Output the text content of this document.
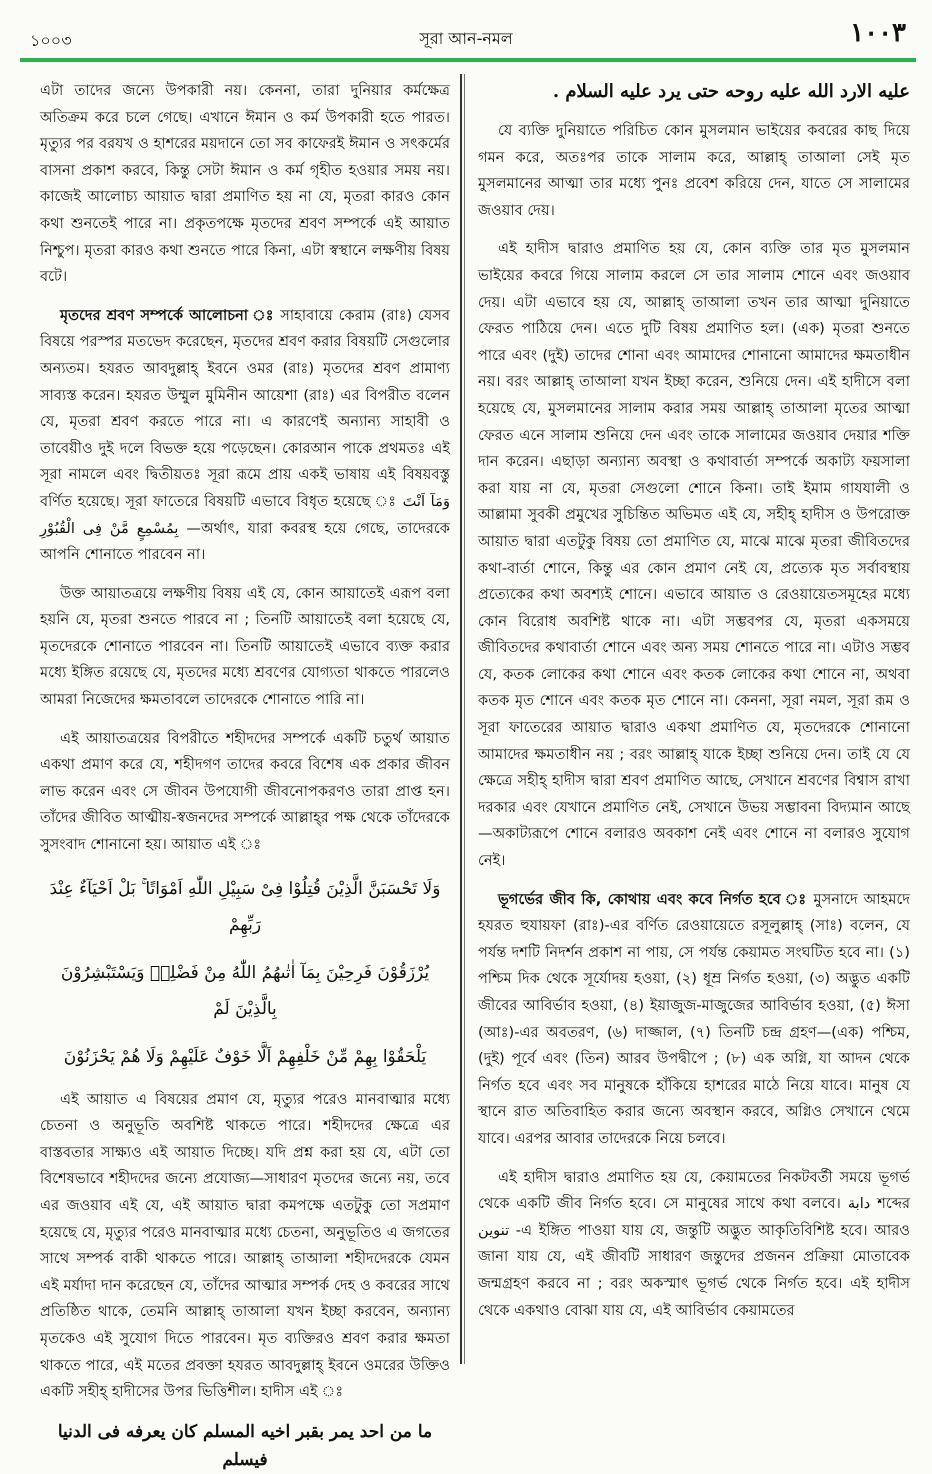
১০০৩	সূরা আন-নমল	١٠٠٣

এটা তাদের জন্যে উপকারী নয়। কেননা, তারা দুনিয়ার কর্মক্ষেত্র অতিক্রম করে চলে গেছে। এখানে ঈমান ও কর্ম উপকারী হতে পারত। মৃত্যুর পর বরযখ ও হাশরের ময়দানে তো সব কাফেরই ঈমান ও সৎকর্মের বাসনা প্রকাশ করবে, কিন্তু সেটা ঈমান ও কর্ম গৃহীত হওয়ার সময় নয়। কাজেই আলোচ্য আয়াত দ্বারা প্রমাণিত হয় না যে, মৃতরা কারও কোন কথা শুনতেই পারে না। প্রকৃতপক্ষে মৃতদের শ্রবণ সম্পর্কে এই আয়াত নিশ্চুপ। মৃতরা কারও কথা শুনতে পারে কিনা, এটা স্বস্থানে লক্ষণীয় বিষয় বটে।

মৃতদের শ্রবণ সম্পর্কে আলোচনা ঃ সাহাবায়ে কেরাম (রাঃ) যেসব বিষয়ে পরস্পর মতভেদ করেছেন, মৃতদের শ্রবণ করার বিষয়টি সেগুলোর অন্যতম। হযরত আবদুল্লাহ্ ইবনে ওমর (রাঃ) মৃতদের শ্রবণ প্রামাণ্য সাব্যস্ত করেন। হযরত উম্মুল মুমিনীন আয়েশা (রাঃ) এর বিপরীত বলেন যে, মৃতরা শ্রবণ করতে পারে না। এ কারণেই অন্যান্য সাহাবী ও তাবেয়ীও দুই দলে বিভক্ত হয়ে পড়েছেন। কোরআন পাকে প্রথমতঃ এই সূরা নামলে এবং দ্বিতীয়তঃ সূরা রূমে প্রায় একই ভাষায় এই বিষয়বস্তু বর্ণিত হয়েছে। সূরা ফাতেরে বিষয়টি এভাবে বিধৃত হয়েছে ঃ وَمَآ اَنْتَ بِمُسْمِعٍ مَّنْ فِى الْقُبُوْرِ —অর্থাৎ, যারা কবরস্থ হয়ে গেছে, তাদেরকে আপনি শোনাতে পারবেন না।

উক্ত আয়াতত্রয়ে লক্ষণীয় বিষয় এই যে, কোন আয়াতেই এরূপ বলা হয়নি যে, মৃতরা শুনতে পারবে না ; তিনটি আয়াতেই বলা হয়েছে যে, মৃতদেরকে শোনাতে পারবেন না। তিনটি আয়াতেই এভাবে ব্যক্ত করার মধ্যে ইঙ্গিত রয়েছে যে, মৃতদের মধ্যে শ্রবণের যোগ্যতা থাকতে পারলেও আমরা নিজেদের ক্ষমতাবলে তাদেরকে শোনাতে পারি না।

এই আয়াতত্রয়ের বিপরীতে শহীদদের সম্পর্কে একটি চতুর্থ আয়াত একথা প্রমাণ করে যে, শহীদগণ তাদের কবরে বিশেষ এক প্রকার জীবন লাভ করেন এবং সে জীবন উপযোগী জীবনোপকরণও তারা প্রাপ্ত হন। তাঁদের জীবিত আত্মীয়-স্বজনদের সম্পর্কে আল্লাহ্‌র পক্ষ থেকে তাঁদেরকে সুসংবাদ শোনানো হয়। আয়াত এই ঃ

وَلَا تَحْسَبَنَّ الَّذِيْنَ قُتِلُوْا فِىْ سَبِيْلِ اللّٰهِ اَمْوَاتًا ۚ بَلْ اَحْيَآءٌ عِنْدَ رَبِّهِمْ

يُرْزَقُوْنَ فَرِحِيْنَ بِمَآ اٰتٰىهُمُ اللّٰهُ مِنْ فَضْلِهٖ وَيَسْتَبْشِرُوْنَ بِالَّذِيْنَ لَمْ

يَلْحَقُوْا بِهِمْ مِّنْ خَلْفِهِمْ اَلَّا خَوْفٌ عَلَيْهِمْ وَلَا هُمْ يَحْزَنُوْنَ

এই আয়াত এ বিষয়ের প্রমাণ যে, মৃত্যুর পরেও মানবাত্মার মধ্যে চেতনা ও অনুভূতি অবশিষ্ট থাকতে পারে। শহীদদের ক্ষেত্রে এর বাস্তবতার সাক্ষ্যও এই আয়াত দিচ্ছে। যদি প্রশ্ন করা হয় যে, এটা তো বিশেষভাবে শহীদদের জন্যে প্রযোজ্য—সাধারণ মৃতদের জন্যে নয়, তবে এর জওয়াব এই যে, এই আয়াত দ্বারা কমপক্ষে এতটুকু তো সপ্রমাণ হয়েছে যে, মৃত্যুর পরেও মানবাত্মার মধ্যে চেতনা, অনুভূতিও এ জগতের সাথে সম্পর্ক বাকী থাকতে পারে। আল্লাহ্ তাআলা শহীদদেরকে যেমন এই মর্যাদা দান করেছেন যে, তাঁদের আত্মার সম্পর্ক দেহ ও কবরের সাথে প্রতিষ্ঠিত থাকে, তেমনি আল্লাহ্ তাআলা যখন ইচ্ছা করবেন, অন্যান্য মৃতকেও এই সুযোগ দিতে পারবেন। মৃত ব্যক্তিরও শ্রবণ করার ক্ষমতা থাকতে পারে, এই মতের প্রবক্তা হযরত আবদুল্লাহ্ ইবনে ওমরের উক্তিও একটি সহীহ্ হাদীসের উপর ভিত্তিশীল। হাদীস এই ঃ

ما من احد يمر بقبر اخيه المسلم كان يعرفه فى الدنيا فيسلم

عليه الارد الله عليه روحه حتى يرد عليه السلام .

যে ব্যক্তি দুনিয়াতে পরিচিত কোন মুসলমান ভাইয়ের কবরের কাছ দিয়ে গমন করে, অতঃপর তাকে সালাম করে, আল্লাহ্ তাআলা সেই মৃত মুসলমানের আত্মা তার মধ্যে পুনঃ প্রবেশ করিয়ে দেন, যাতে সে সালামের জওয়াব দেয়।

এই হাদীস দ্বারাও প্রমাণিত হয় যে, কোন ব্যক্তি তার মৃত মুসলমান ভাইয়ের কবরে গিয়ে সালাম করলে সে তার সালাম শোনে এবং জওয়াব দেয়। এটা এভাবে হয় যে, আল্লাহ্ তাআলা তখন তার আত্মা দুনিয়াতে ফেরত পাঠিয়ে দেন। এতে দুটি বিষয় প্রমাণিত হল। (এক) মৃতরা শুনতে পারে এবং (দুই) তাদের শোনা এবং আমাদের শোনানো আমাদের ক্ষমতাধীন নয়। বরং আল্লাহ্ তাআলা যখন ইচ্ছা করেন, শুনিয়ে দেন। এই হাদীসে বলা হয়েছে যে, মুসলমানের সালাম করার সময় আল্লাহ্ তাআলা মৃতের আত্মা ফেরত এনে সালাম শুনিয়ে দেন এবং তাকে সালামের জওয়াব দেয়ার শক্তি দান করেন। এছাড়া অন্যান্য অবস্থা ও কথাবার্তা সম্পর্কে অকাট্য ফয়সালা করা যায় না যে, মৃতরা সেগুলো শোনে কিনা। তাই ইমাম গাযযালী ও আল্লামা সুবকী প্রমুখের সুচিন্তিত অভিমত এই যে, সহীহ্ হাদীস ও উপরোক্ত আয়াত দ্বারা এতটুকু বিষয় তো প্রমাণিত যে, মাঝে মাঝে মৃতরা জীবিতদের কথা-বার্তা শোনে, কিন্তু এর কোন প্রমাণ নেই যে, প্রত্যেক মৃত সর্বাবস্থায় প্রত্যেকের কথা অবশ্যই শোনে। এভাবে আয়াত ও রেওয়ায়েতসমূহের মধ্যে কোন বিরোধ অবশিষ্ট থাকে না। এটা সম্ভবপর যে, মৃতরা একসময়ে জীবিতদের কথাবার্তা শোনে এবং অন্য সময় শোনতে পারে না। এটাও সম্ভব যে, কতক লোকের কথা শোনে এবং কতক লোকের কথা শোনে না, অথবা কতক মৃত শোনে এবং কতক মৃত শোনে না। কেননা, সূরা নমল, সূরা রূম ও সূরা ফাতেরের আয়াত দ্বারাও একথা প্রমাণিত যে, মৃতদেরকে শোনানো আমাদের ক্ষমতাধীন নয় ; বরং আল্লাহ্ যাকে ইচ্ছা শুনিয়ে দেন। তাই যে যে ক্ষেত্রে সহীহ্ হাদীস দ্বারা শ্রবণ প্রমাণিত আছে, সেখানে শ্রবণের বিশ্বাস রাখা দরকার এবং যেখানে প্রমাণিত নেই, সেখানে উভয় সম্ভাবনা বিদ্যমান আছে—অকাট্যরূপে শোনে বলারও অবকাশ নেই এবং শোনে না বলারও সুযোগ নেই।

ভূগর্ভের জীব কি, কোথায় এবং কবে নির্গত হবে ঃ মুসনাদে আহমদে হযরত হুযায়ফা (রাঃ)-এর বর্ণিত রেওয়ায়েতে রসূলুল্লাহ্ (সাঃ) বলেন, যে পর্যন্ত দশটি নিদর্শন প্রকাশ না পায়, সে পর্যন্ত কেয়ামত সংঘটিত হবে না। (১) পশ্চিম দিক থেকে সূর্যোদয় হওয়া, (২) ধূম্র নির্গত হওয়া, (৩) অদ্ভুত একটি জীবের আবির্ভাব হওয়া, (৪) ইয়াজুজ-মাজুজের আবির্ভাব হওয়া, (৫) ঈসা (আঃ)-এর অবতরণ, (৬) দাজ্জাল, (৭) তিনটি চন্দ্র গ্রহণ—(এক) পশ্চিম, (দুই) পূর্বে এবং (তিন) আরব উপদ্বীপে ; (৮) এক অগ্নি, যা আদন থেকে নির্গত হবে এবং সব মানুষকে হাঁকিয়ে হাশরের মাঠে নিয়ে যাবে। মানুষ যে স্থানে রাত অতিবাহিত করার জন্যে অবস্থান করবে, অগ্নিও সেখানে থেমে যাবে। এরপর আবার তাদেরকে নিয়ে চলবে।

এই হাদীস দ্বারাও প্রমাণিত হয় যে, কেয়ামতের নিকটবর্তী সময়ে ভূগর্ভ থেকে একটি জীব নির্গত হবে। সে মানুষের সাথে কথা বলবে। دابة শব্দের تنوين -এ ইঙ্গিত পাওয়া যায় যে, জন্তুটি অদ্ভুত আকৃতিবিশিষ্ট হবে। আরও জানা যায় যে, এই জীবটি সাধারণ জন্তুদের প্রজনন প্রক্রিয়া মোতাবেক জন্মগ্রহণ করবে না ; বরং অকস্মাৎ ভূগর্ভ থেকে নির্গত হবে। এই হাদীস থেকে একথাও বোঝা যায় যে, এই আবির্ভাব কেয়ামতের
